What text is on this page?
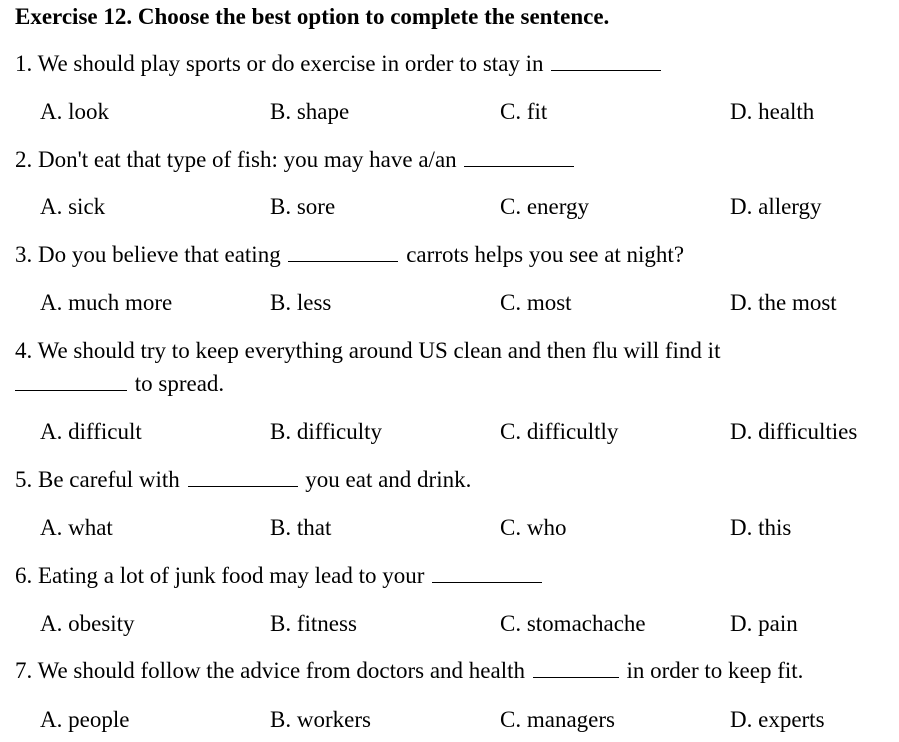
Exercise 12. Choose the best option to complete the sentence.
1. We should play sports or do exercise in order to stay in
A. look	B. shape	C. fit	D. health
2. Don't eat that type of fish: you may have a/an
A. sick	B. sore	C. energy	D. allergy
3. Do you believe that eating	carrots helps you see at night?
A. much more	B. less	C. most	D. the most
4. We should try to keep everything around US clean and then flu will find it
to spread.
A. difficult	B. difficulty	C. difficultly	D. difficulties
5. Be careful with	you eat and drink.
A. what	B. that	C. who	D. this
6. Eating a lot of junk food may lead to your
A. obesity	B. fitness	C. stomachache	D. pain
7. We should follow the advice from doctors and health	in order to keep fit.
A. people	B. workers	C. managers	D. experts
